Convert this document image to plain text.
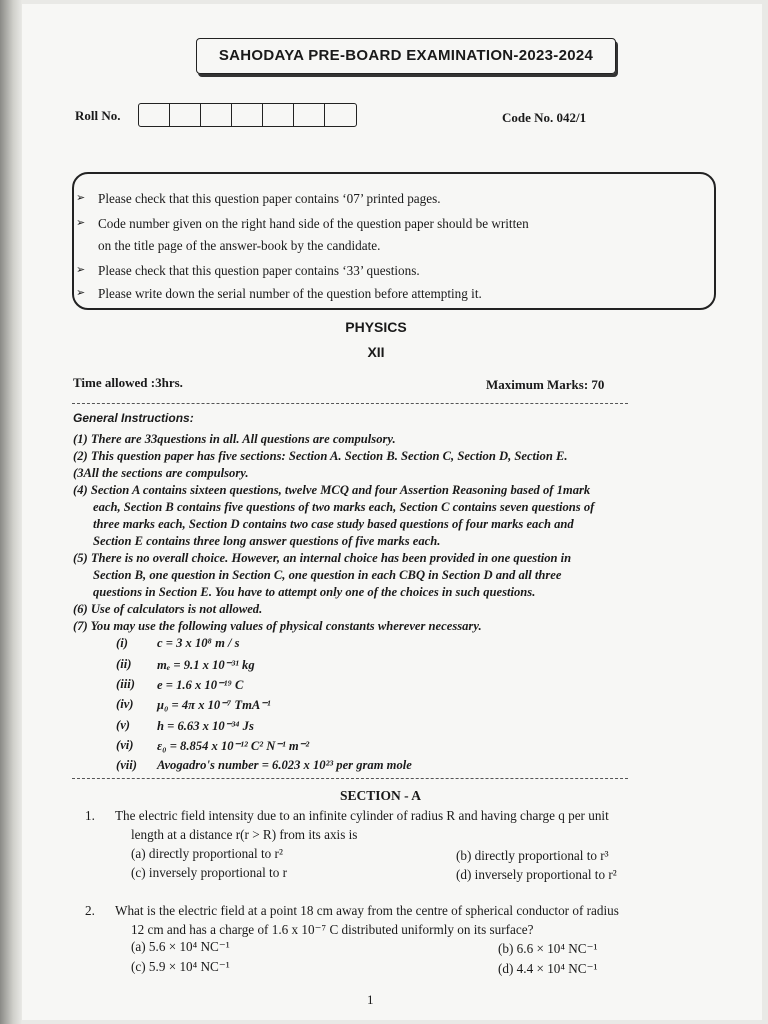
SAHODAYA PRE-BOARD EXAMINATION-2023-2024
Roll No.	Code No. 042/1
➢ Please check that this question paper contains ‘07’ printed pages.
➢ Code number given on the right hand side of the question paper should be written
on the title page of the answer-book by the candidate.
➢ Please check that this question paper contains ‘33’ questions.
➢ Please write down the serial number of the question before attempting it.
PHYSICS
XII
Time allowed :3hrs.	Maximum Marks: 70
General Instructions:
(1) There are 33questions in all. All questions are compulsory.
(2) This question paper has five sections: Section A. Section B. Section C, Section D, Section E.
(3All the sections are compulsory.
(4) Section A contains sixteen questions, twelve MCQ and four Assertion Reasoning based of 1mark
each, Section B contains five questions of two marks each, Section C contains seven questions of
three marks each, Section D contains two case study based questions of four marks each and
Section E contains three long answer questions of five marks each.
(5) There is no overall choice. However, an internal choice has been provided in one question in
Section B, one question in Section C, one question in each CBQ in Section D and all three
questions in Section E. You have to attempt only one of the choices in such questions.
(6) Use of calculators is not allowed.
(7) You may use the following values of physical constants wherever necessary.
(i) c = 3 x 10⁸ m / s
(ii) mₑ = 9.1 x 10⁻³¹ kg
(iii) e = 1.6 x 10⁻¹⁹ C
(iv) μ₀ = 4π x 10⁻⁷ TmA⁻¹
(v) h = 6.63 x 10⁻³⁴ Js
(vi) ε₀ = 8.854 x 10⁻¹² C² N⁻¹ m⁻²
(vii) Avogadro's number = 6.023 x 10²³ per gram mole
SECTION - A
1. The electric field intensity due to an infinite cylinder of radius R and having charge q per unit
length at a distance r(r > R) from its axis is
(a) directly proportional to r²	(b) directly proportional to r³
(c) inversely proportional to r	(d) inversely proportional to r²
2. What is the electric field at a point 18 cm away from the centre of spherical conductor of radius
12 cm and has a charge of 1.6 x 10⁻⁷ C distributed uniformly on its surface?
(a) 5.6 × 10⁴ NC⁻¹	(b) 6.6 × 10⁴ NC⁻¹
(c) 5.9 × 10⁴ NC⁻¹	(d) 4.4 × 10⁴ NC⁻¹
1
